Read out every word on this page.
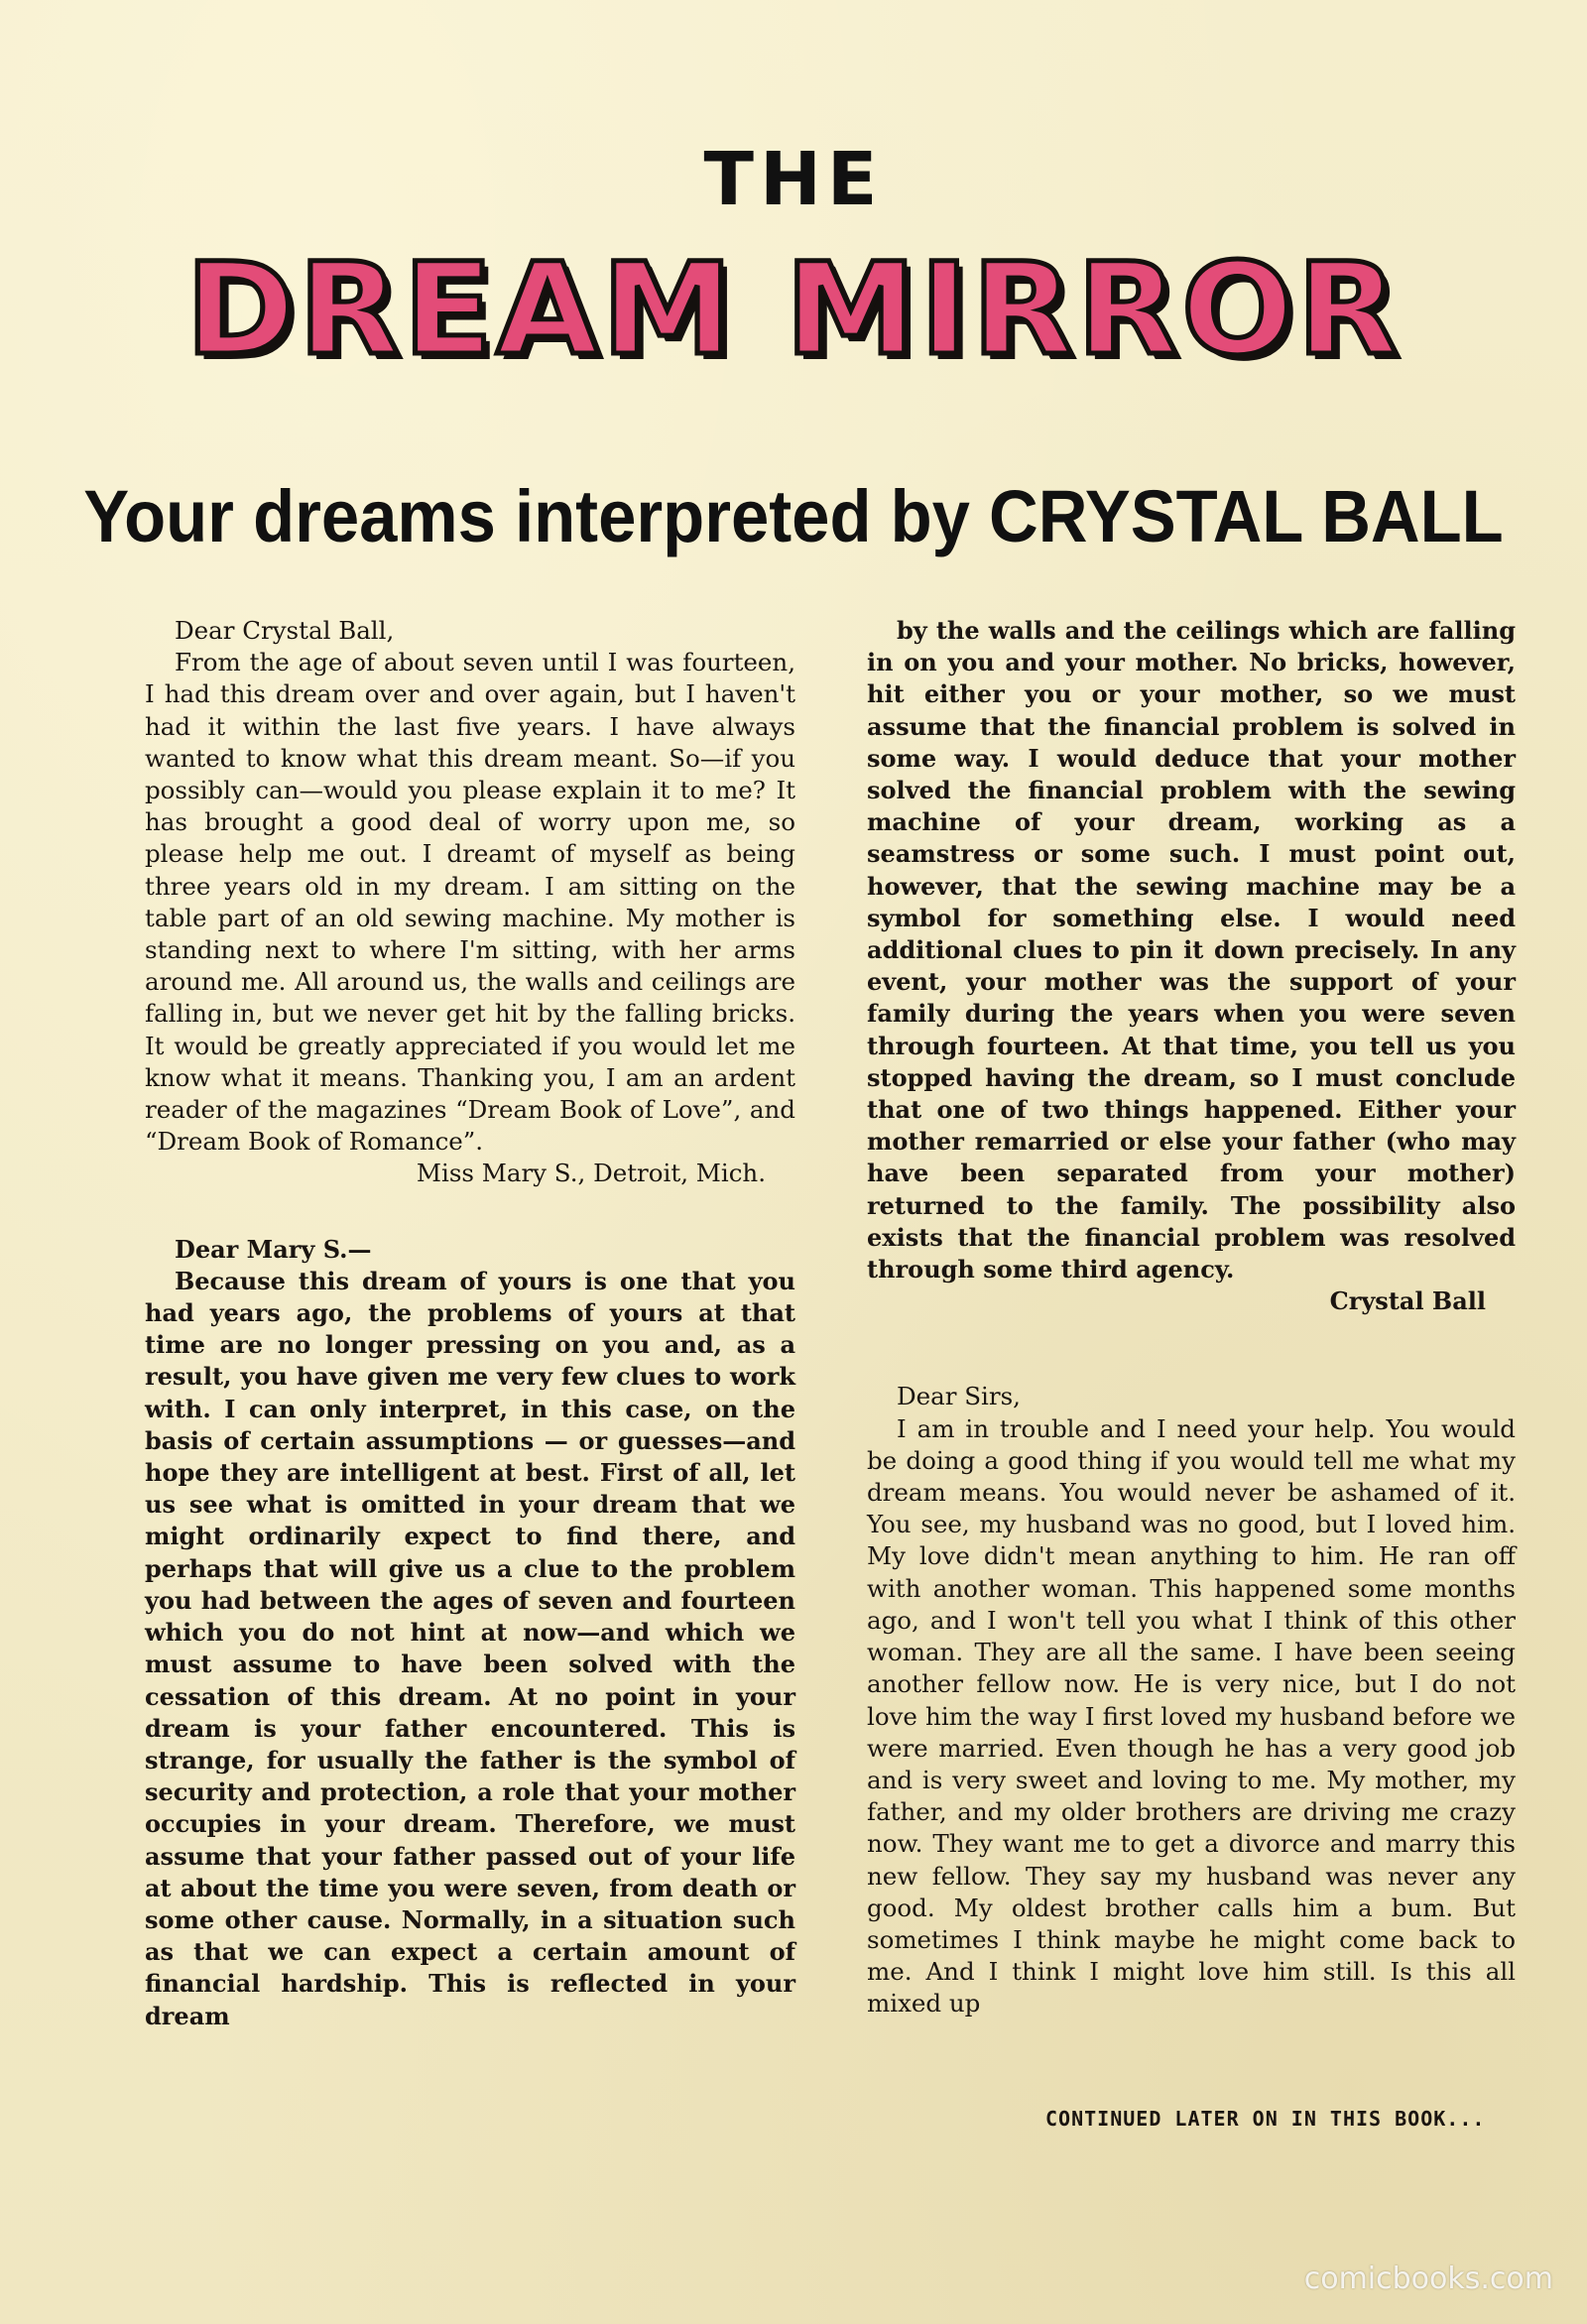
THE
DREAM MIRROR
Your dreams interpreted by CRYSTAL BALL

Dear Crystal Ball,

From the age of about seven until I was fourteen, I had this dream over and over again, but I haven't had it within the last five years. I have always wanted to know what this dream meant. So—if you possibly can—would you please explain it to me? It has brought a good deal of worry upon me, so please help me out. I dreamt of myself as being three years old in my dream. I am sitting on the table part of an old sewing machine. My mother is standing next to where I'm sitting, with her arms around me. All around us, the walls and ceilings are falling in, but we never get hit by the falling bricks. It would be greatly appreciated if you would let me know what it means. Thanking you, I am an ardent reader of the magazines “Dream Book of Love”, and “Dream Book of Romance”.

Miss Mary S., Detroit, Mich.

Dear Mary S.—

Because this dream of yours is one that you had years ago, the problems of yours at that time are no longer pressing on you and, as a result, you have given me very few clues to work with. I can only interpret, in this case, on the basis of certain assumptions — or guesses—and hope they are intelligent at best. First of all, let us see what is omitted in your dream that we might ordinarily expect to find there, and perhaps that will give us a clue to the problem you had between the ages of seven and fourteen which you do not hint at now—and which we must assume to have been solved with the cessation of this dream. At no point in your dream is your father encountered. This is strange, for usually the father is the symbol of security and protection, a role that your mother occupies in your dream. Therefore, we must assume that your father passed out of your life at about the time you were seven, from death or some other cause. Normally, in a situation such as that we can expect a certain amount of financial hardship. This is reflected in your dream

by the walls and the ceilings which are falling in on you and your mother. No bricks, however, hit either you or your mother, so we must assume that the financial problem is solved in some way. I would deduce that your mother solved the financial problem with the sewing machine of your dream, working as a seamstress or some such. I must point out, however, that the sewing machine may be a symbol for something else. I would need additional clues to pin it down precisely. In any event, your mother was the support of your family during the years when you were seven through fourteen. At that time, you tell us you stopped having the dream, so I must conclude that one of two things happened. Either your mother remarried or else your father (who may have been separated from your mother) returned to the family. The possibility also exists that the financial problem was resolved through some third agency.

Crystal Ball

Dear Sirs,

I am in trouble and I need your help. You would be doing a good thing if you would tell me what my dream means. You would never be ashamed of it. You see, my husband was no good, but I loved him. My love didn't mean anything to him. He ran off with another woman. This happened some months ago, and I won't tell you what I think of this other woman. They are all the same. I have been seeing another fellow now. He is very nice, but I do not love him the way I first loved my husband before we were married. Even though he has a very good job and is very sweet and loving to me. My mother, my father, and my older brothers are driving me crazy now. They want me to get a divorce and marry this new fellow. They say my husband was never any good. My oldest brother calls him a bum. But sometimes I think maybe he might come back to me. And I think I might love him still. Is this all mixed up

CONTINUED LATER ON IN THIS BOOK...
comicbooks.com
